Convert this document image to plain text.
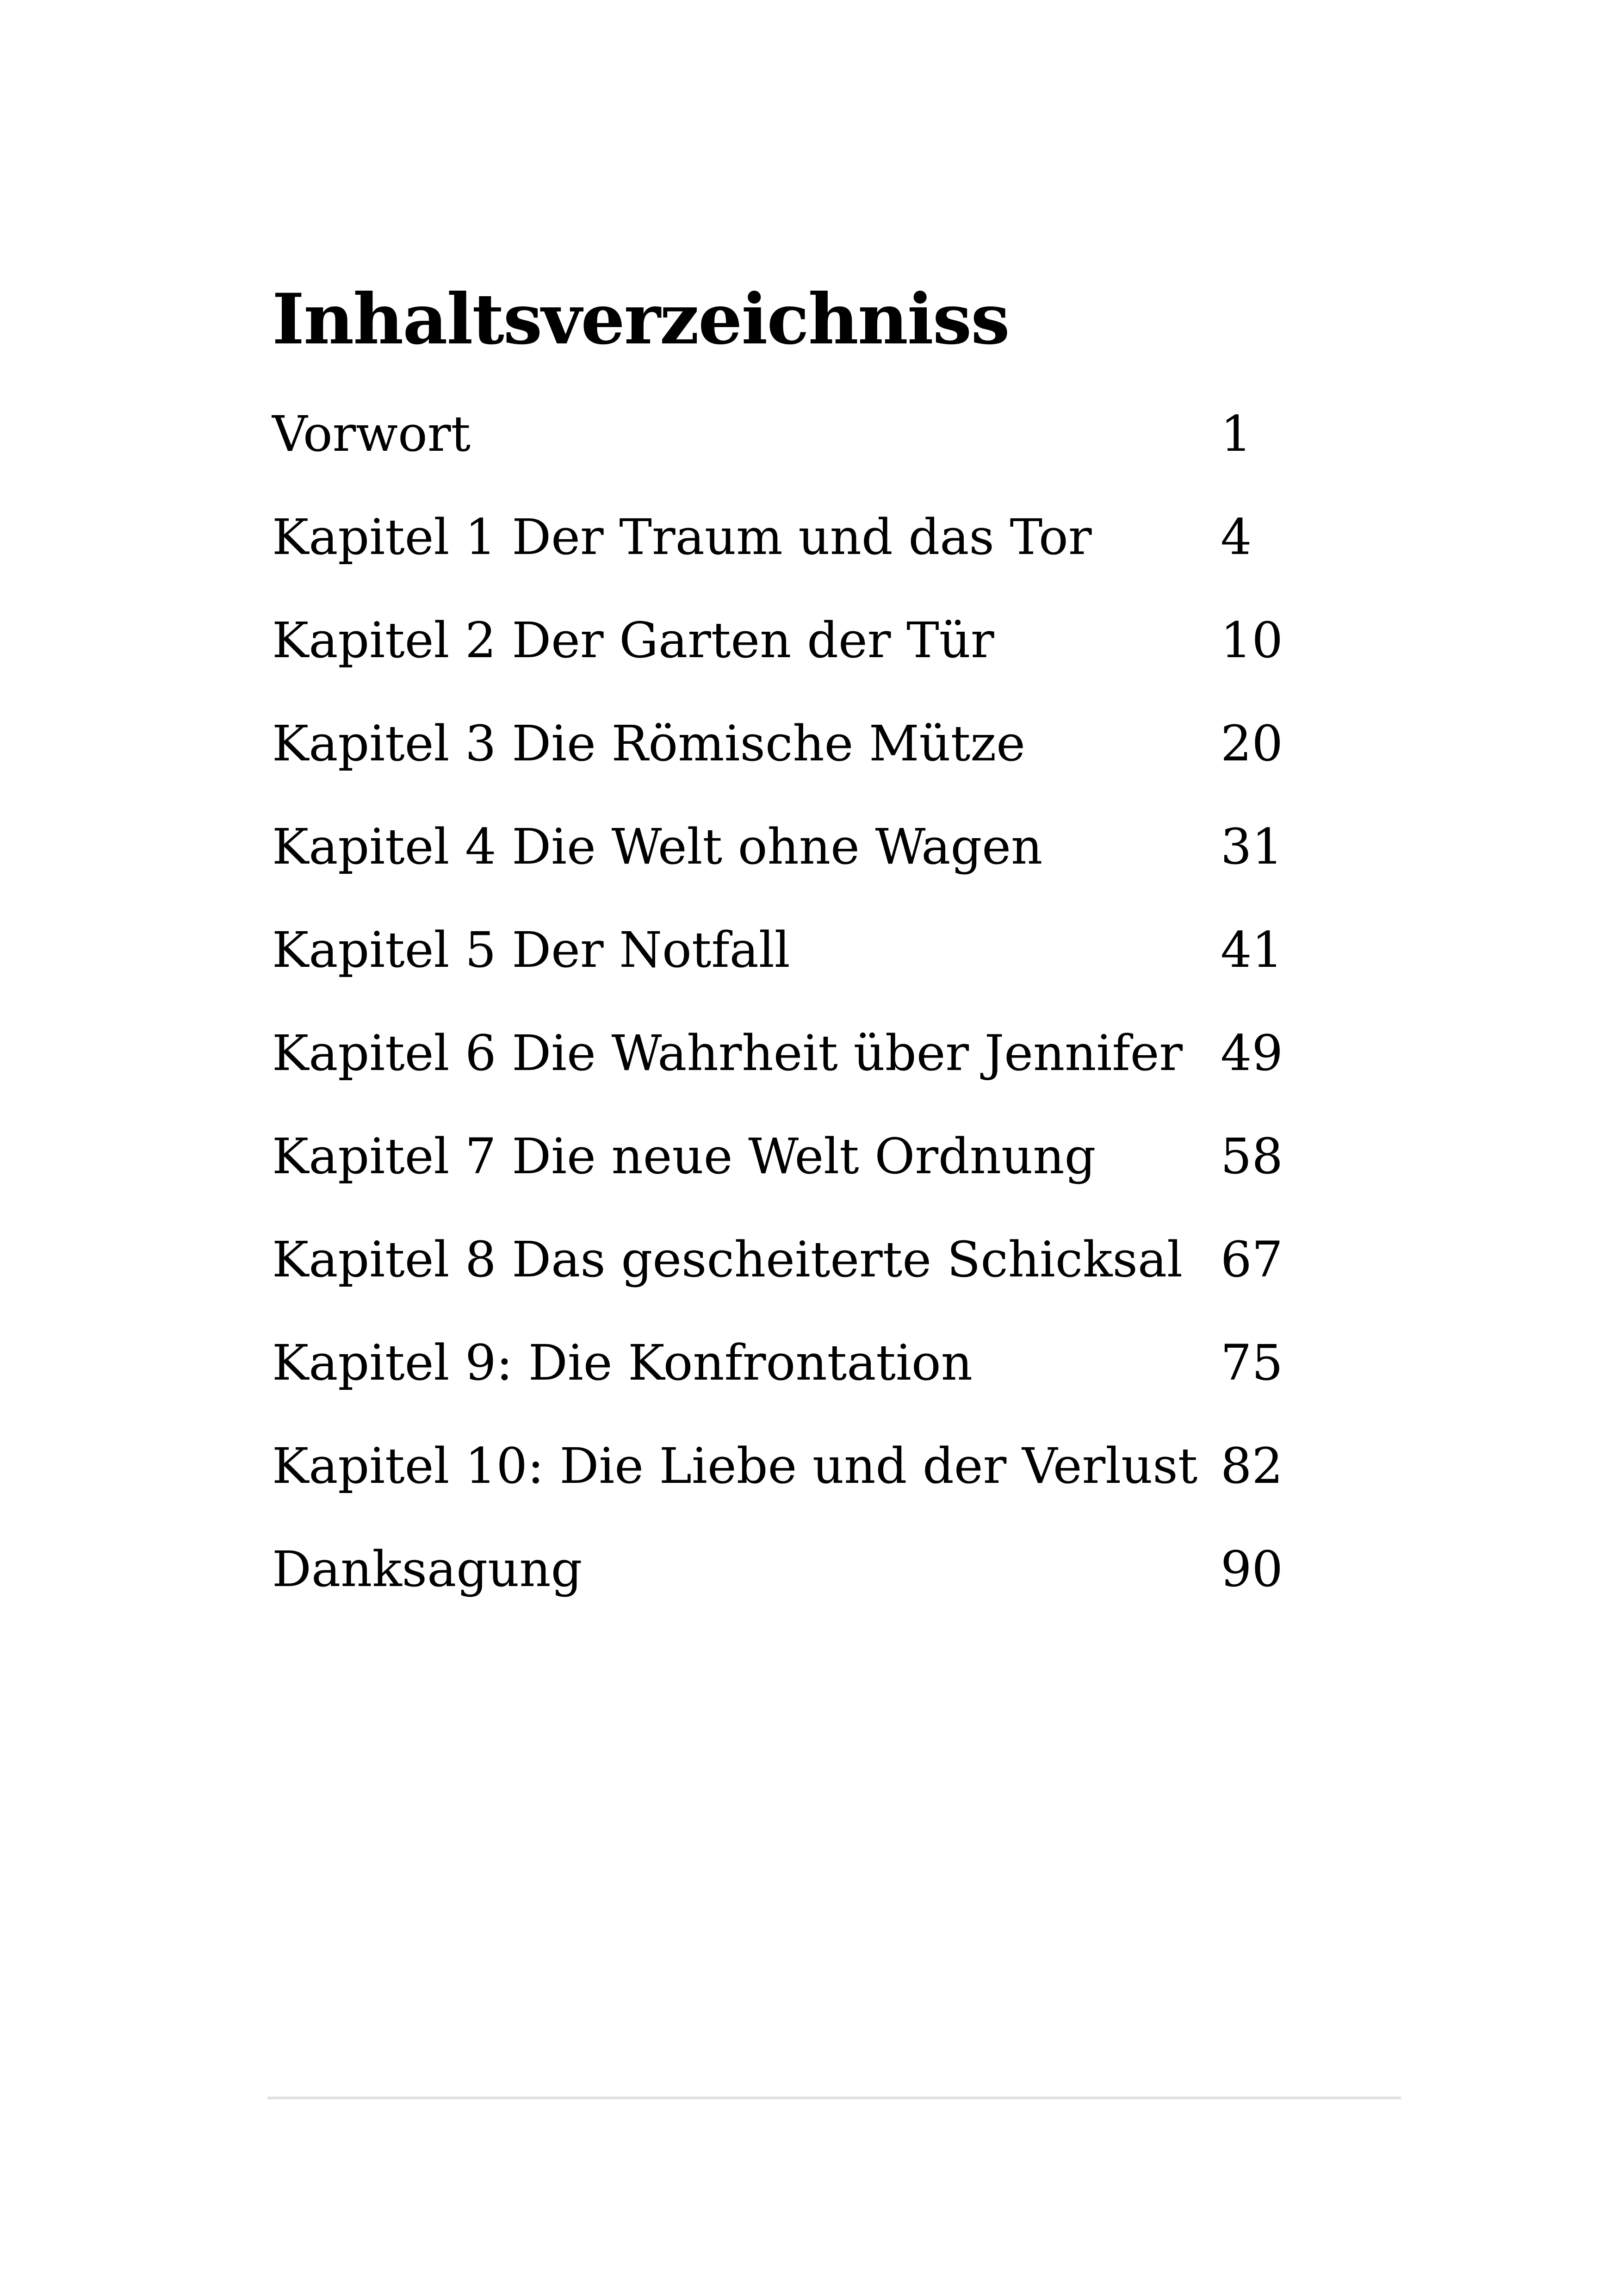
Inhaltsverzeichniss
Vorwort	1
Kapitel 1 Der Traum und das Tor	4
Kapitel 2 Der Garten der Tür	10
Kapitel 3 Die Römische Mütze	20
Kapitel 4 Die Welt ohne Wagen	31
Kapitel 5 Der Notfall	41
Kapitel 6 Die Wahrheit über Jennifer 49
Kapitel 7 Die neue Welt Ordnung	58
Kapitel 8 Das gescheiterte Schicksal 67
Kapitel 9: Die Konfrontation	75
Kapitel 10: Die Liebe und der Verlust 82
Danksagung	90
